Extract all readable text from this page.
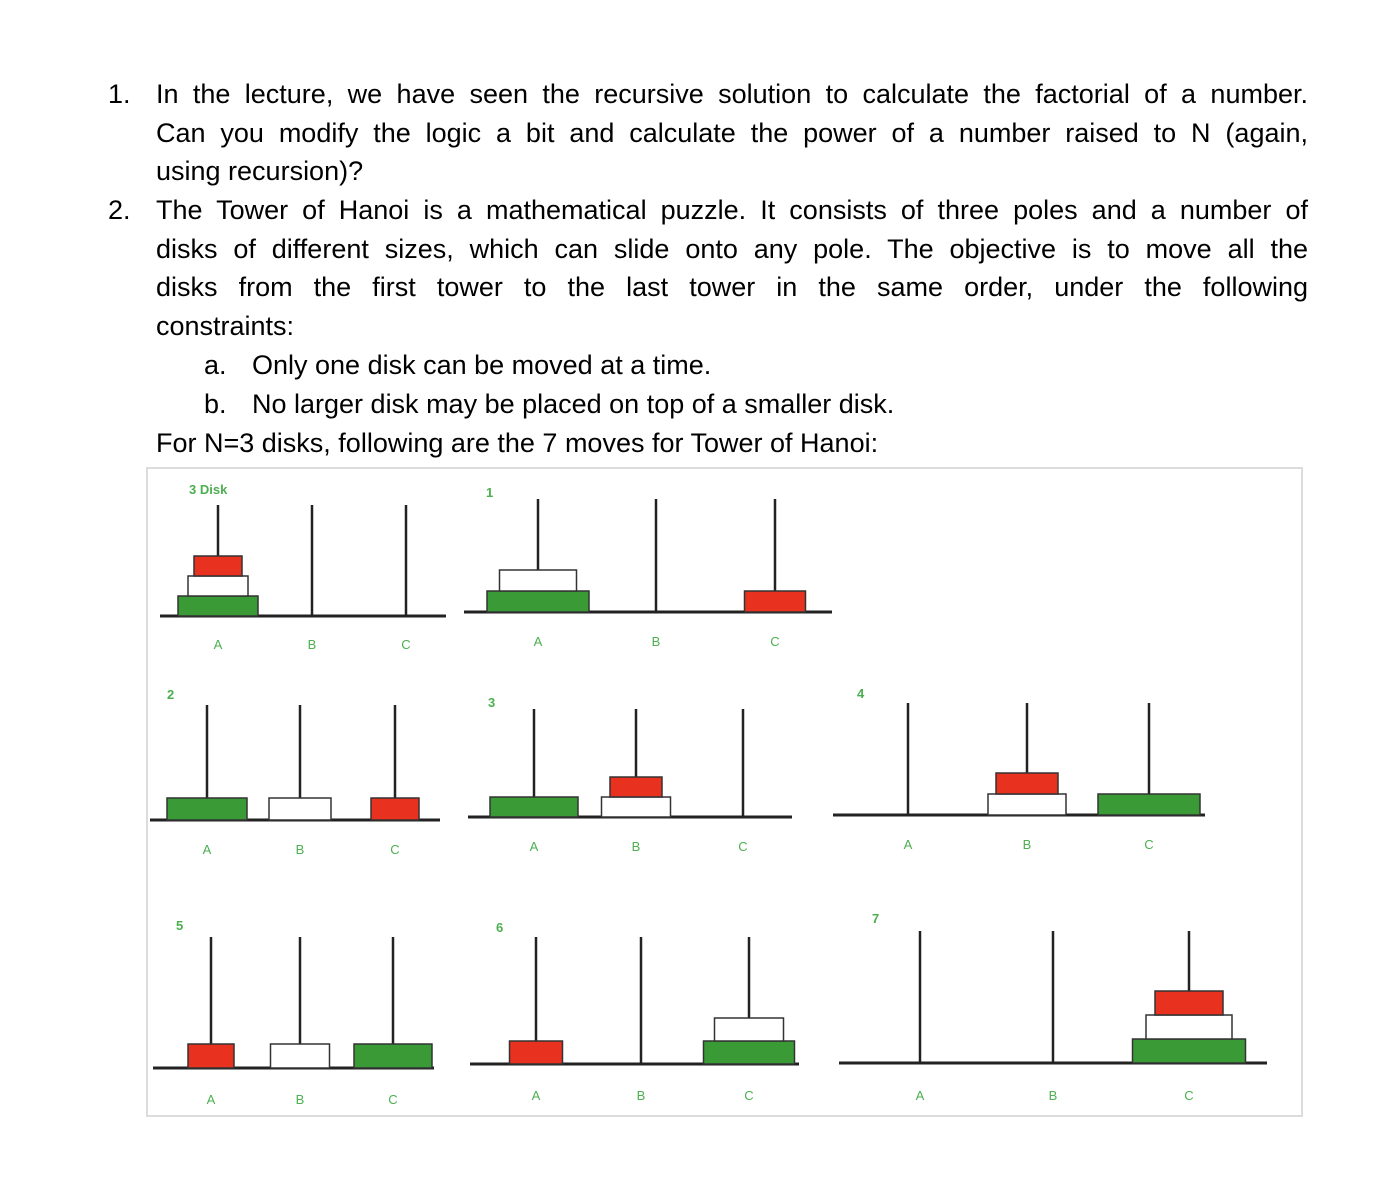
1. In the lecture, we have seen the recursive solution to calculate the factorial of a number.
Can you modify the logic a bit and calculate the power of a number raised to N (again,
using recursion)?
2. The Tower of Hanoi is a mathematical puzzle. It consists of three poles and a number of
disks of different sizes, which can slide onto any pole. The objective is to move all the
disks from the first tower to the last tower in the same order, under the following
constraints:
a. Only one disk can be moved at a time.
b. No larger disk may be placed on top of a smaller disk.
For N=3 disks, following are the 7 moves for Tower of Hanoi:
3 Disk
A	B	C
1
A	B	C
2
A	B	C
3
A	B	C
4
A	B	C
5
A	B	C
6
A	B	C
7
A	B	C
